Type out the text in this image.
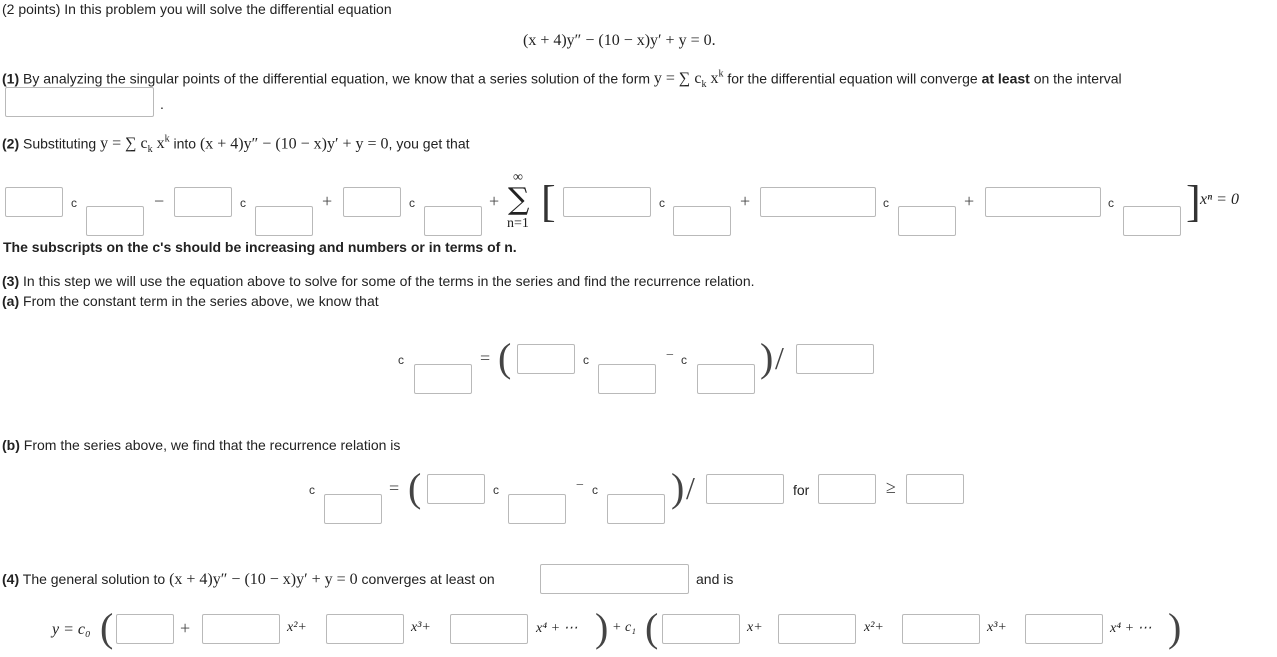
(2 points) In this problem you will solve the differential equation
(x + 4)y″ − (10 − x)y′ + y = 0.
(1) By analyzing the singular points of the differential equation, we know that a series solution of the form y = ∑ $c_k$ $x^k$ for the differential equation will converge at least on the interval
.
(2) Substituting y = ∑ $c_k$ $x^k$ into (x + 4)y″ − (10 − x)y′ + y = 0, you get that
c	−	c	+	c	+
∞
∑
n=1 [	c	+	c	+	c ] xⁿ = 0
The subscripts on the c's should be increasing and numbers or in terms of n.
(3) In this step we will use the equation above to solve for some of the terms in the series and find the recurrence relation.
(a) From the constant term in the series above, we know that
c	= (	c	− c ) /
(b) From the series above, we find that the recurrence relation is
c	= (	c	− c ) /	for	≥
(4) The general solution to (x + 4)y″ − (10 − x)y′ + y = 0 converges at least on	and is
y = c₀ (	+	x²+	x³+	x⁴ + ⋯ ) + c₁ (	x+	x²+	x³+	x⁴ + ⋯ )
